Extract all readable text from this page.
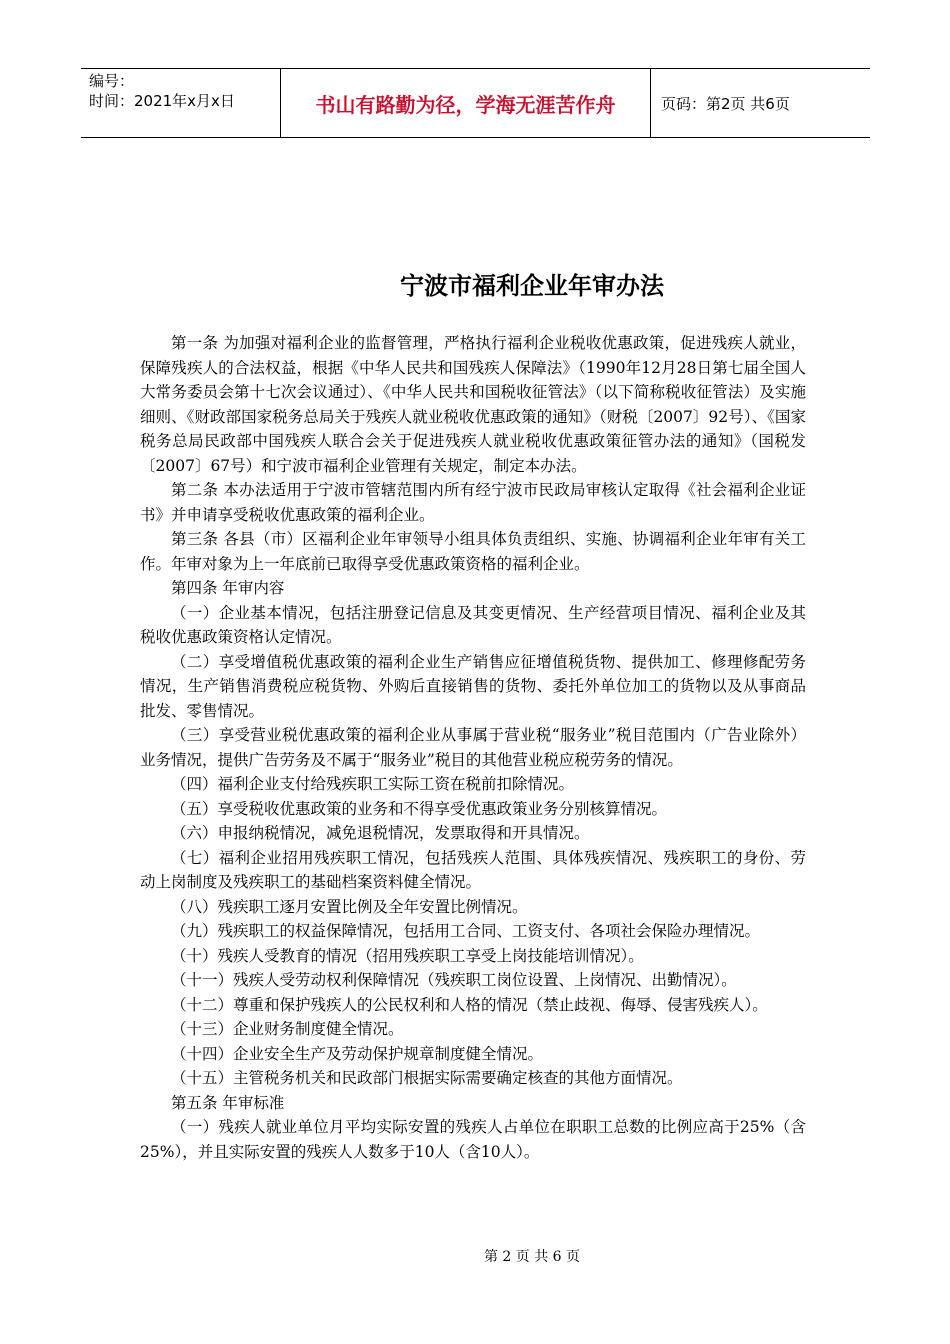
编号：
时间：2021年x月x日	书山有路勤为径，学海无涯苦作舟	页码：第2页 共6页
宁波市福利企业年审办法

第一条 为加强对福利企业的监督管理，严格执行福利企业税收优惠政策，促进残疾人就业，保障残疾人的合法权益，根据《中华人民共和国残疾人保障法》（1990年12月28日第七届全国人大常务委员会第十七次会议通过）、《中华人民共和国税收征管法》（以下简称税收征管法）及实施细则、《财政部国家税务总局关于残疾人就业税收优惠政策的通知》（财税〔2007〕92号）、《国家税务总局民政部中国残疾人联合会关于促进残疾人就业税收优惠政策征管办法的通知》（国税发〔2007〕67号）和宁波市福利企业管理有关规定，制定本办法。

第二条 本办法适用于宁波市管辖范围内所有经宁波市民政局审核认定取得《社会福利企业证书》并申请享受税收优惠政策的福利企业。

第三条 各县（市）区福利企业年审领导小组具体负责组织、实施、协调福利企业年审有关工作。年审对象为上一年底前已取得享受优惠政策资格的福利企业。

第四条 年审内容

（一）企业基本情况，包括注册登记信息及其变更情况、生产经营项目情况、福利企业及其税收优惠政策资格认定情况。

（二）享受增值税优惠政策的福利企业生产销售应征增值税货物、提供加工、修理修配劳务情况，生产销售消费税应税货物、外购后直接销售的货物、委托外单位加工的货物以及从事商品批发、零售情况。

（三）享受营业税优惠政策的福利企业从事属于营业税“服务业”税目范围内（广告业除外）业务情况，提供广告劳务及不属于“服务业”税目的其他营业税应税劳务的情况。

（四）福利企业支付给残疾职工实际工资在税前扣除情况。

（五）享受税收优惠政策的业务和不得享受优惠政策业务分别核算情况。

（六）申报纳税情况，减免退税情况，发票取得和开具情况。

（七）福利企业招用残疾职工情况，包括残疾人范围、具体残疾情况、残疾职工的身份、劳动上岗制度及残疾职工的基础档案资料健全情况。

（八）残疾职工逐月安置比例及全年安置比例情况。

（九）残疾职工的权益保障情况，包括用工合同、工资支付、各项社会保险办理情况。

（十）残疾人受教育的情况（招用残疾职工享受上岗技能培训情况）。

（十一）残疾人受劳动权利保障情况（残疾职工岗位设置、上岗情况、出勤情况）。

（十二）尊重和保护残疾人的公民权利和人格的情况（禁止歧视、侮辱、侵害残疾人）。

（十三）企业财务制度健全情况。

（十四）企业安全生产及劳动保护规章制度健全情况。

（十五）主管税务机关和民政部门根据实际需要确定核查的其他方面情况。

第五条 年审标准

（一）残疾人就业单位月平均实际安置的残疾人占单位在职职工总数的比例应高于25%（含25%），并且实际安置的残疾人人数多于10人（含10人）。

第 2 页 共 6 页
